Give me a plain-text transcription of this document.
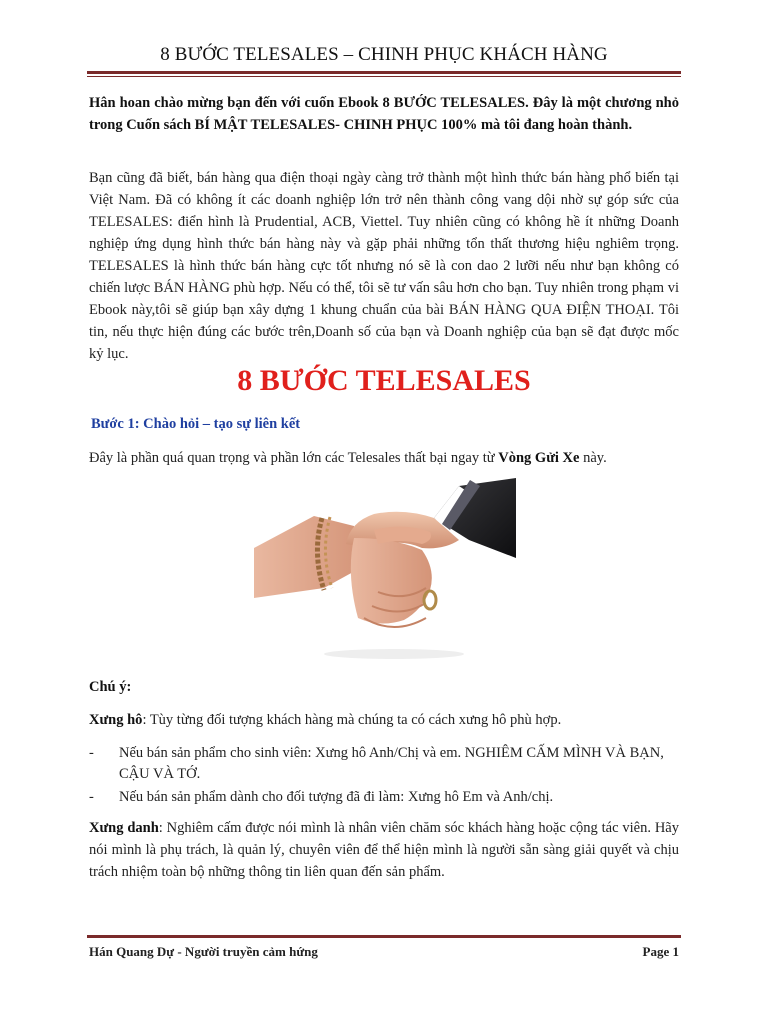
8 BƯỚC TELESALES – CHINH PHỤC KHÁCH HÀNG
Hân hoan chào mừng bạn đến với cuốn Ebook 8 BƯỚC TELESALES. Đây là một chương nhỏ trong Cuốn sách BÍ MẬT TELESALES- CHINH PHỤC 100% mà tôi đang hoàn thành.
Bạn cũng đã biết, bán hàng qua điện thoại ngày càng trở thành một hình thức bán hàng phổ biến tại Việt Nam. Đã có không ít các doanh nghiệp lớn trở nên thành công vang dội nhờ sự góp sức của TELESALES: điển hình là Prudential, ACB, Viettel. Tuy nhiên cũng có không hề ít những Doanh nghiệp ứng dụng hình thức bán hàng này và gặp phải những tổn thất thương hiệu nghiêm trọng. TELESALES là hình thức bán hàng cực tốt nhưng nó sẽ là con dao 2 lưỡi nếu như bạn không có chiến lược BÁN HÀNG phù hợp. Nếu có thể, tôi sẽ tư vấn sâu hơn cho bạn. Tuy nhiên trong phạm vi Ebook này,tôi sẽ giúp bạn xây dựng 1 khung chuẩn của bài BÁN HÀNG QUA ĐIỆN THOẠI. Tôi tin, nếu thực hiện đúng các bước trên,Doanh số của bạn và Doanh nghiệp của bạn sẽ đạt được mốc kỷ lục.
8 BƯỚC TELESALES
Bước 1: Chào hỏi – tạo sự liên kết
Đây là phần quá quan trọng và phần lớn các Telesales thất bại ngay từ Vòng Gửi Xe này.
Chú ý:
Xưng hô: Tùy từng đối tượng khách hàng mà chúng ta có cách xưng hô phù hợp.
- Nếu bán sản phẩm cho sinh viên: Xưng hô Anh/Chị và em. NGHIÊM CẤM MÌNH VÀ BẠN, CẬU VÀ TỚ.
- Nếu bán sản phẩm dành cho đối tượng đã đi làm: Xưng hô Em và Anh/chị.
Xưng danh: Nghiêm cấm được nói mình là nhân viên chăm sóc khách hàng hoặc cộng tác viên. Hãy nói mình là phụ trách, là quản lý, chuyên viên để thể hiện mình là người sẵn sàng giải quyết và chịu trách nhiệm toàn bộ những thông tin liên quan đến sản phẩm.
Hán Quang Dự - Người truyền cảm hứng	Page 1
